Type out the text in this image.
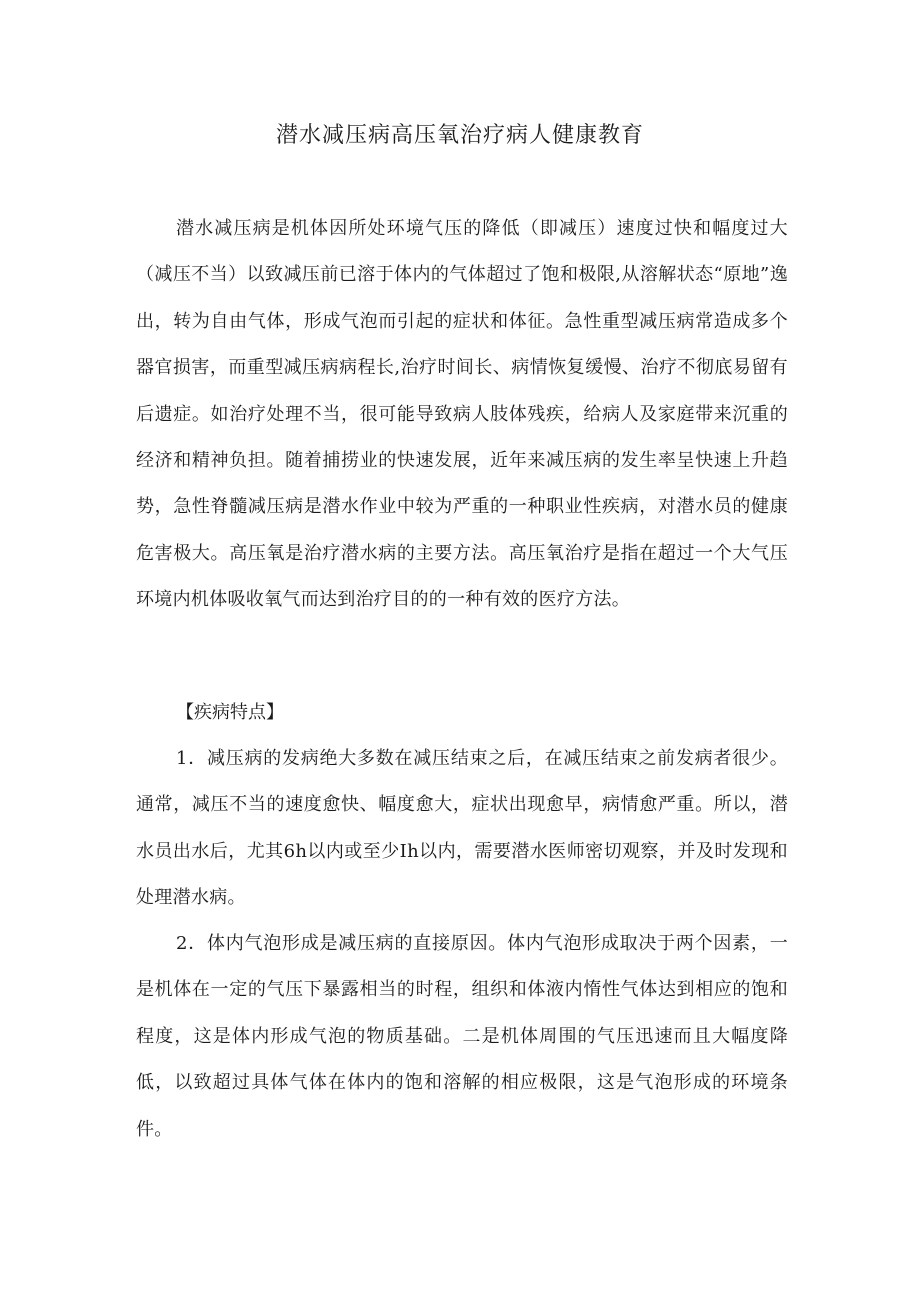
潜水减压病高压氧治疗病人健康教育

潜水减压病是机体因所处环境气压的降低（即减压）速度过快和幅度过大（减压不当）以致减压前已溶于体内的气体超过了饱和极限,从溶解状态“原地”逸出，转为自由气体，形成气泡而引起的症状和体征。急性重型减压病常造成多个器官损害，而重型减压病病程长,治疗时间长、病情恢复缓慢、治疗不彻底易留有后遗症。如治疗处理不当，很可能导致病人肢体残疾，给病人及家庭带来沉重的经济和精神负担。随着捕捞业的快速发展，近年来减压病的发生率呈快速上升趋势，急性脊髓减压病是潜水作业中较为严重的一种职业性疾病，对潜水员的健康危害极大。高压氧是治疗潜水病的主要方法。高压氧治疗是指在超过一个大气压环境内机体吸收氧气而达到治疗目的的一种有效的医疗方法。

【疾病特点】

1．减压病的发病绝大多数在减压结束之后，在减压结束之前发病者很少。通常，减压不当的速度愈快、幅度愈大，症状出现愈早，病情愈严重。所以，潜水员出水后，尤其6h以内或至少Ih以内，需要潜水医师密切观察，并及时发现和处理潜水病。

2．体内气泡形成是减压病的直接原因。体内气泡形成取决于两个因素，一是机体在一定的气压下暴露相当的时程，组织和体液内惰性气体达到相应的饱和程度，这是体内形成气泡的物质基础。二是机体周围的气压迅速而且大幅度降低，以致超过具体气体在体内的饱和溶解的相应极限，这是气泡形成的环境条件。
